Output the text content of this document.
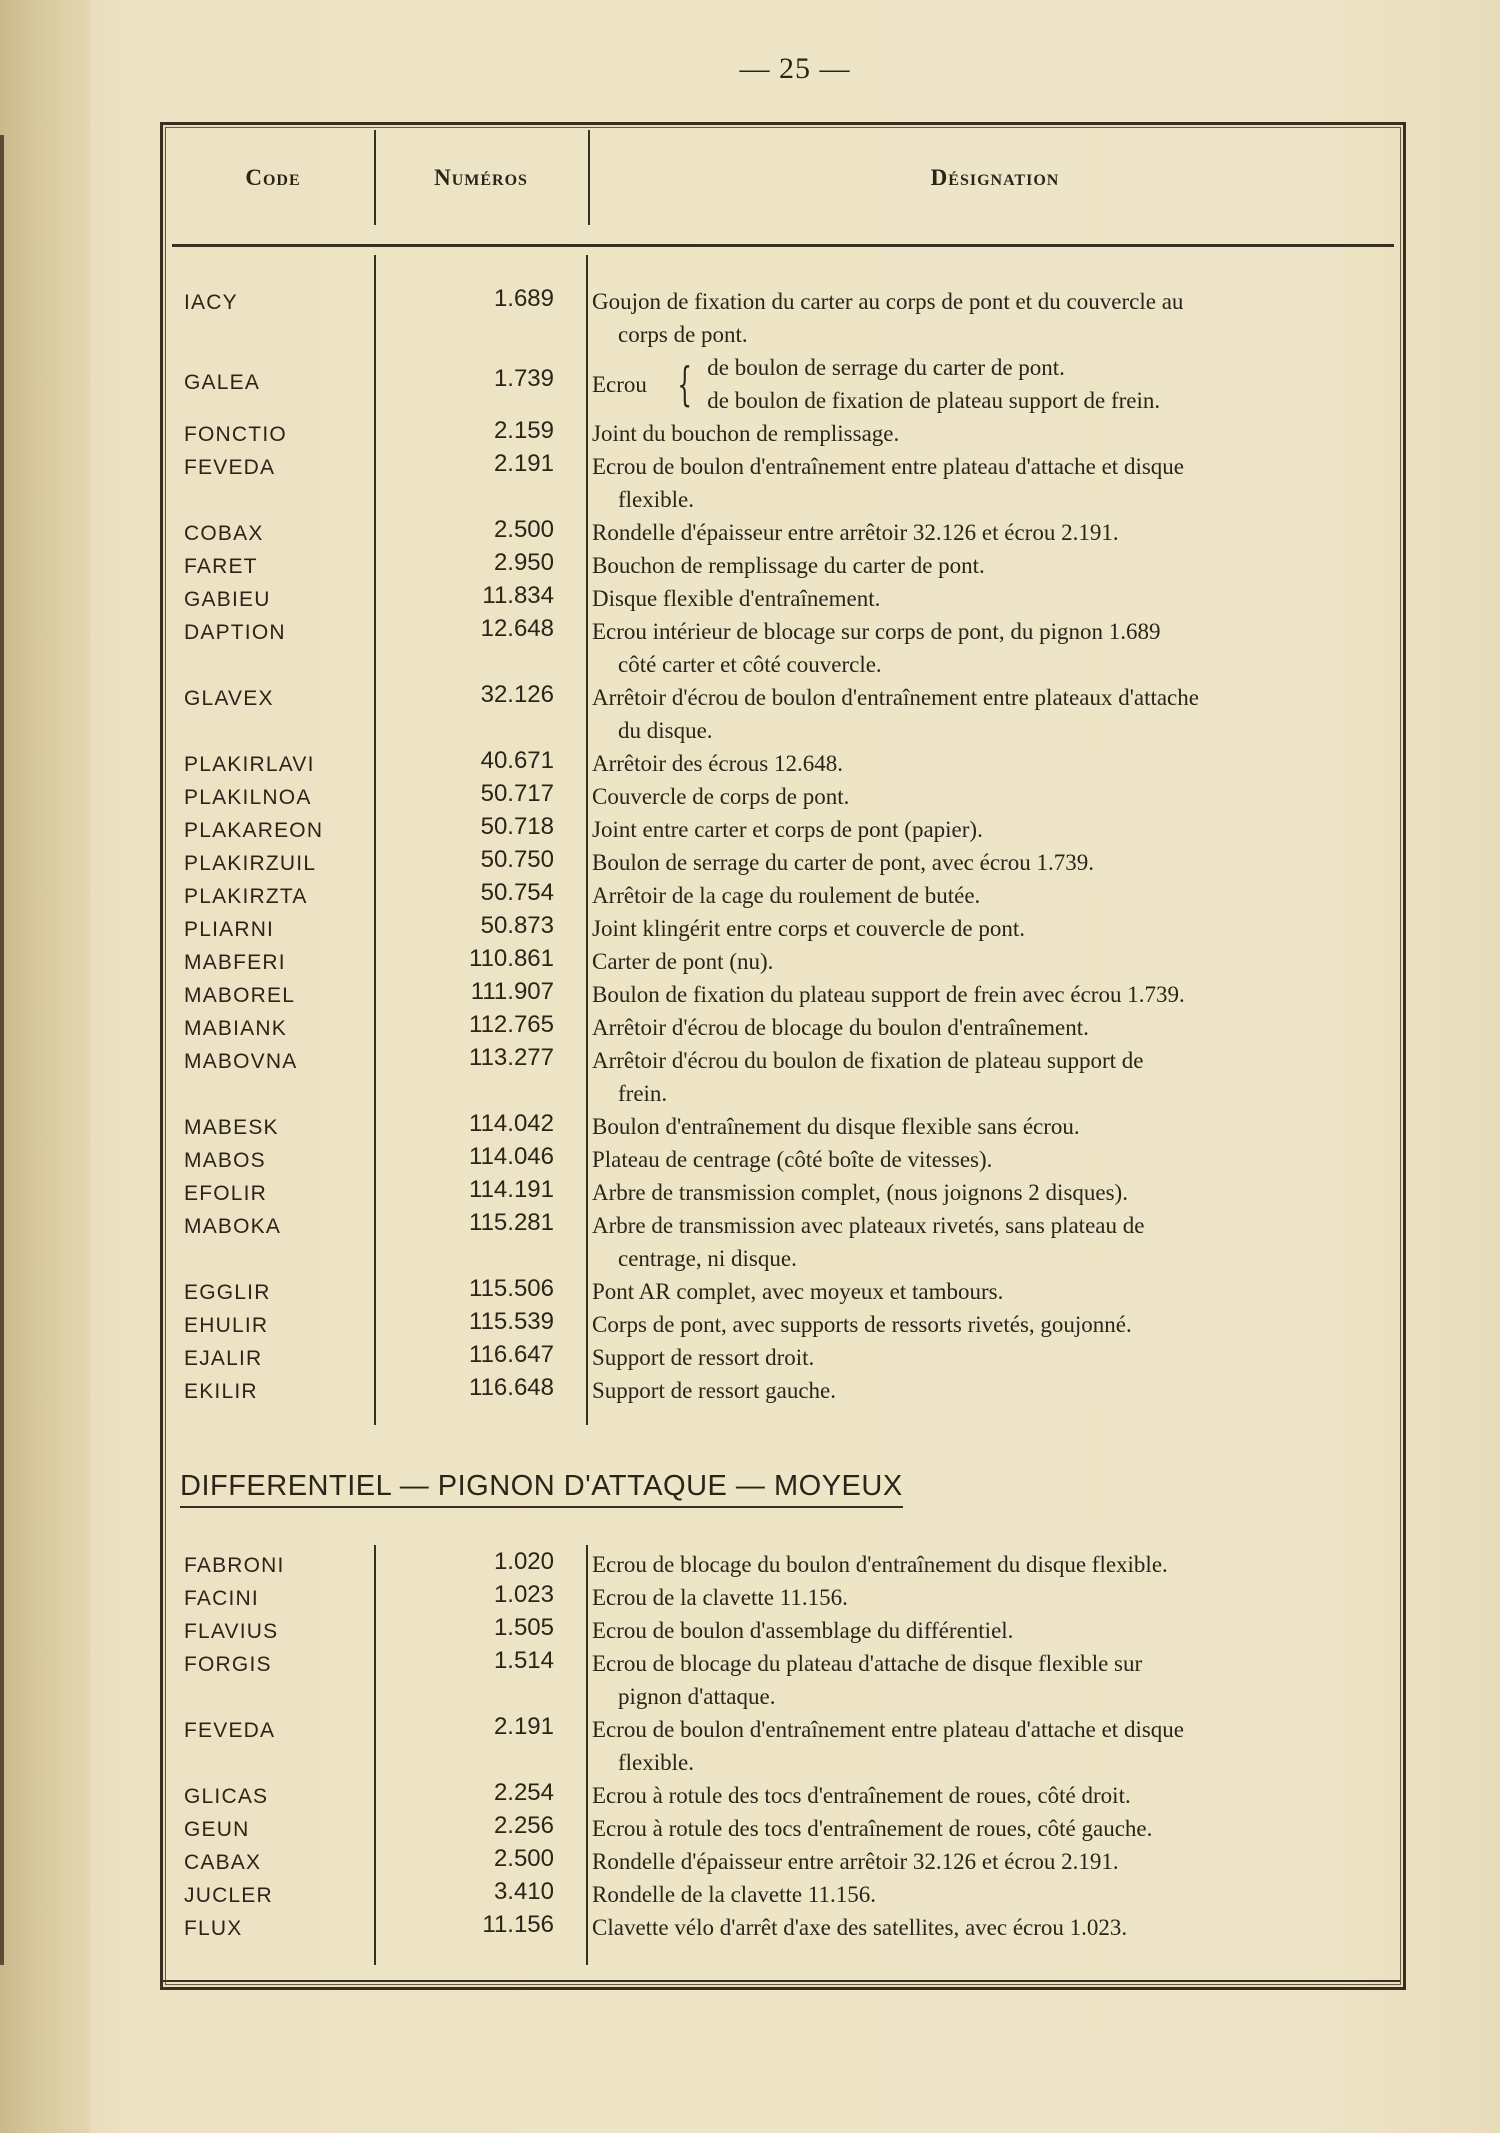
— 25 —
Code	Numéros	Désignation
IACY	1.689	Goujon de fixation du carter au corps de pont et du couvercle au
corps de pont.
GALEA	1.739	Ecrou { de boulon de serrage du carter de pont.
de boulon de fixation de plateau support de frein.
FONCTIO	2.159	Joint du bouchon de remplissage.
FEVEDA	2.191	Ecrou de boulon d'entraînement entre plateau d'attache et disque
flexible.
COBAX	2.500	Rondelle d'épaisseur entre arrêtoir 32.126 et écrou 2.191.
FARET	2.950	Bouchon de remplissage du carter de pont.
GABIEU	11.834	Disque flexible d'entraînement.
DAPTION	12.648	Ecrou intérieur de blocage sur corps de pont, du pignon 1.689
côté carter et côté couvercle.
GLAVEX	32.126	Arrêtoir d'écrou de boulon d'entraînement entre plateaux d'attache
du disque.
PLAKIRLAVI	40.671	Arrêtoir des écrous 12.648.
PLAKILNOA	50.717	Couvercle de corps de pont.
PLAKAREON	50.718	Joint entre carter et corps de pont (papier).
PLAKIRZUIL	50.750	Boulon de serrage du carter de pont, avec écrou 1.739.
PLAKIRZTA	50.754	Arrêtoir de la cage du roulement de butée.
PLIARNI	50.873	Joint klingérit entre corps et couvercle de pont.
MABFERI	110.861	Carter de pont (nu).
MABOREL	111.907	Boulon de fixation du plateau support de frein avec écrou 1.739.
MABIANK	112.765	Arrêtoir d'écrou de blocage du boulon d'entraînement.
MABOVNA	113.277	Arrêtoir d'écrou du boulon de fixation de plateau support de
frein.
MABESK	114.042	Boulon d'entraînement du disque flexible sans écrou.
MABOS	114.046	Plateau de centrage (côté boîte de vitesses).
EFOLIR	114.191	Arbre de transmission complet, (nous joignons 2 disques).
MABOKA	115.281	Arbre de transmission avec plateaux rivetés, sans plateau de
centrage, ni disque.
EGGLIR	115.506	Pont AR complet, avec moyeux et tambours.
EHULIR	115.539	Corps de pont, avec supports de ressorts rivetés, goujonné.
EJALIR	116.647	Support de ressort droit.
EKILIR	116.648	Support de ressort gauche.
DIFFERENTIEL — PIGNON D'ATTAQUE — MOYEUX
FABRONI	1.020	Ecrou de blocage du boulon d'entraînement du disque flexible.
FACINI	1.023	Ecrou de la clavette 11.156.
FLAVIUS	1.505	Ecrou de boulon d'assemblage du différentiel.
FORGIS	1.514	Ecrou de blocage du plateau d'attache de disque flexible sur
pignon d'attaque.
FEVEDA	2.191	Ecrou de boulon d'entraînement entre plateau d'attache et disque
flexible.
GLICAS	2.254	Ecrou à rotule des tocs d'entraînement de roues, côté droit.
GEUN	2.256	Ecrou à rotule des tocs d'entraînement de roues, côté gauche.
CABAX	2.500	Rondelle d'épaisseur entre arrêtoir 32.126 et écrou 2.191.
JUCLER	3.410	Rondelle de la clavette 11.156.
FLUX	11.156	Clavette vélo d'arrêt d'axe des satellites, avec écrou 1.023.
